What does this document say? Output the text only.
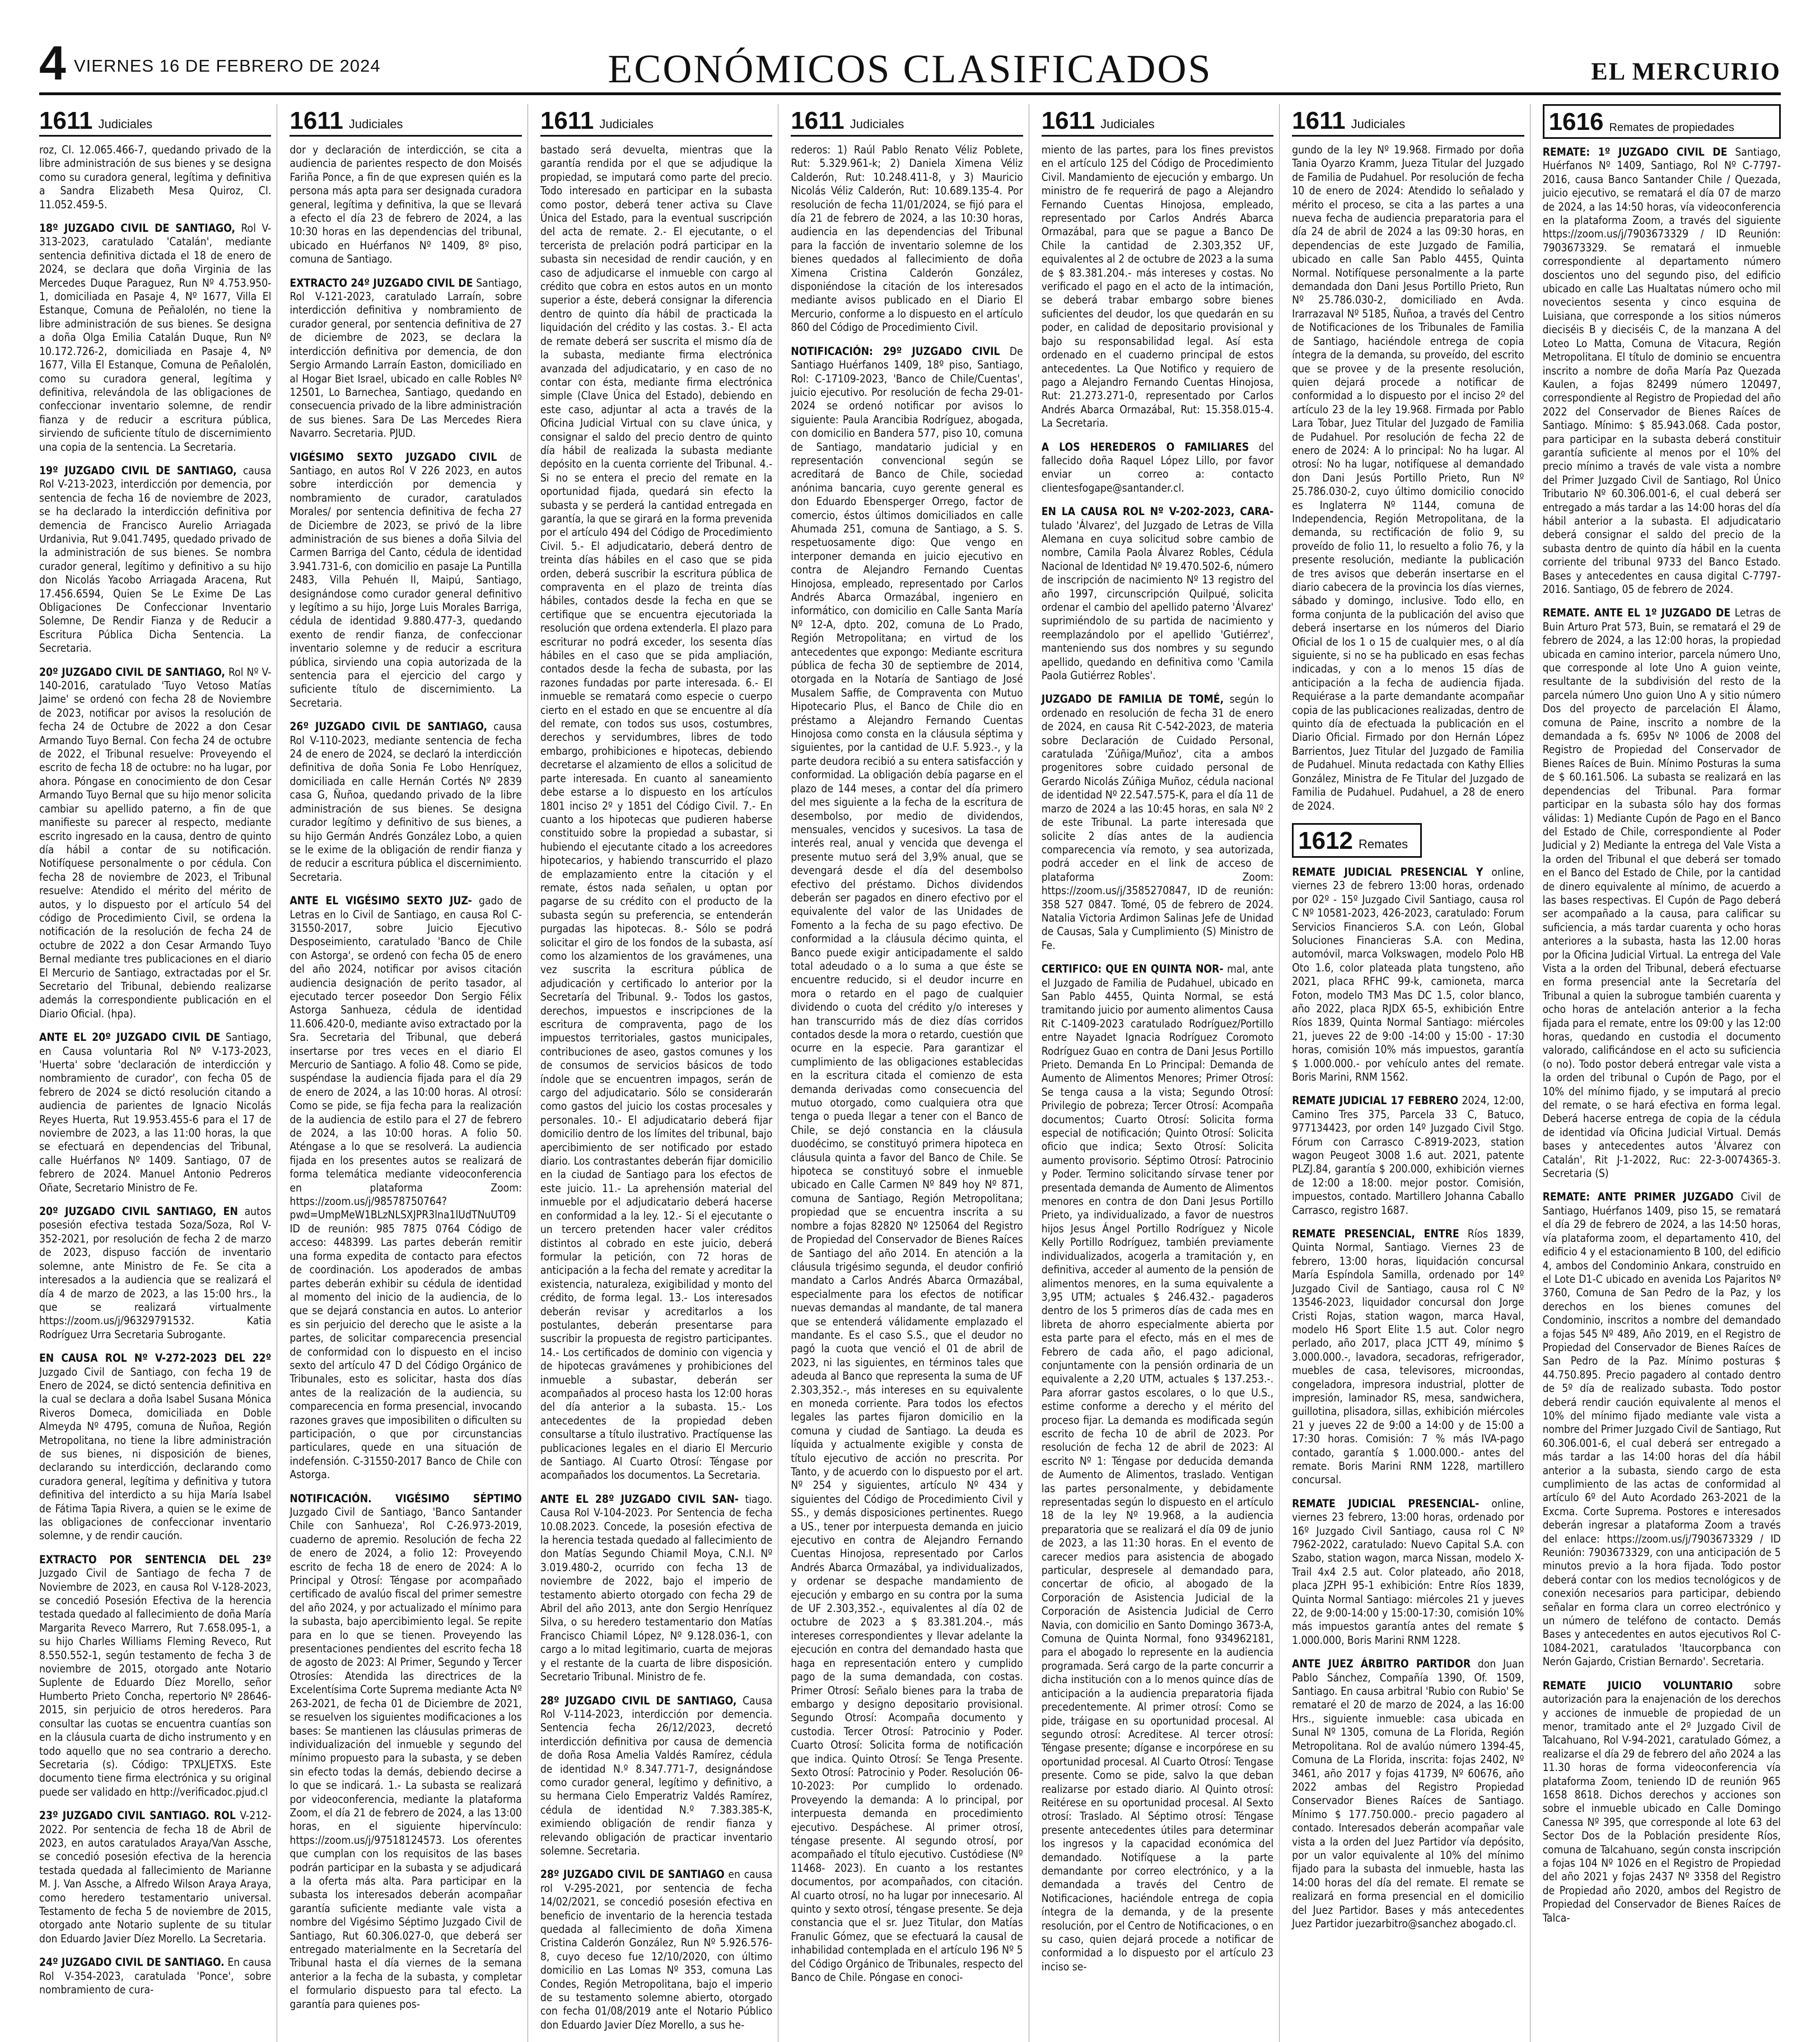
4 VIERNES 16 DE FEBRERO DE 2024	ECONÓMICOS CLASIFICADOS	EL MERCURIO
1611 Judiciales

roz, CI. 12.065.466-7, quedando privado de la libre administración de sus bienes y se designa como su curadora general, legítima y definitiva a Sandra Elizabeth Mesa Quiroz, CI. 11.052.459-5.

18º JUZGADO CIVIL DE SANTIAGO, Rol V-313-2023, caratulado 'Catalán', mediante sentencia definitiva dictada el 18 de enero de 2024, se declara que doña Virginia de las Mercedes Duque Paraguez, Run Nº 4.753.950-1, domiciliada en Pasaje 4, Nº 1677, Villa El Estanque, Comuna de Peñalolén, no tiene la libre administración de sus bienes. Se designa a doña Olga Emilia Catalán Duque, Run Nº 10.172.726-2, domiciliada en Pasaje 4, Nº 1677, Villa El Estanque, Comuna de Peñalolén, como su curadora general, legítima y definitiva, relevándola de las obligaciones de confeccionar inventario solemne, de rendir fianza y de reducir a escritura pública, sirviendo de suficiente título de discernimiento una copia de la sentencia. La Secretaria.

19º JUZGADO CIVIL DE SANTIAGO, causa Rol V-213-2023, interdicción por demencia, por sentencia de fecha 16 de noviembre de 2023, se ha declarado la interdicción definitiva por demencia de Francisco Aurelio Arriagada Urdanivia, Rut 9.041.7495, quedado privado de la administración de sus bienes. Se nombra curador general, legítimo y definitivo a su hijo don Nicolás Yacobo Arriagada Aracena, Rut 17.456.6594, Quien Se Le Exime De Las Obligaciones De Confeccionar Inventario Solemne, De Rendir Fianza y de Reducir a Escritura Pública Dicha Sentencia. La Secretaria.

20º JUZGADO CIVIL DE SANTIAGO, Rol Nº V-140-2016, caratulado 'Tuyo Vetoso Matías Jaime' se ordenó con fecha 28 de Noviembre de 2023, notificar por avisos la resolución de fecha 24 de Octubre de 2022 a don Cesar Armando Tuyo Bernal. Con fecha 24 de octubre de 2022, el Tribunal resuelve: Proveyendo el escrito de fecha 18 de octubre: no ha lugar, por ahora. Póngase en conocimiento de don Cesar Armando Tuyo Bernal que su hijo menor solicita cambiar su apellido paterno, a fin de que manifieste su parecer al respecto, mediante escrito ingresado en la causa, dentro de quinto día hábil a contar de su notificación. Notifíquese personalmente o por cédula. Con fecha 28 de noviembre de 2023, el Tribunal resuelve: Atendido el mérito del mérito de autos, y lo dispuesto por el artículo 54 del código de Procedimiento Civil, se ordena la notificación de la resolución de fecha 24 de octubre de 2022 a don Cesar Armando Tuyo Bernal mediante tres publicaciones en el diario El Mercurio de Santiago, extractadas por el Sr. Secretario del Tribunal, debiendo realizarse además la correspondiente publicación en el Diario Oficial. (hpa).

ANTE EL 20º JUZGADO CIVIL DE Santiago, en Causa voluntaria Rol Nº V-173-2023, 'Huerta' sobre 'declaración de interdicción y nombramiento de curador', con fecha 05 de febrero de 2024 se dictó resolución citando a audiencia de parientes de Ignacio Nicolás Reyes Huerta, Rut 19.953.455-6 para el 17 de noviembre de 2023, a las 11:00 horas, la que se efectuará en dependencias del Tribunal, calle Huérfanos Nº 1409. Santiago, 07 de febrero de 2024. Manuel Antonio Pedreros Oñate, Secretario Ministro de Fe.

20º JUZGADO CIVIL SANTIAGO, EN autos posesión efectiva testada Soza/Soza, Rol V-352-2021, por resolución de fecha 2 de marzo de 2023, dispuso facción de inventario solemne, ante Ministro de Fe. Se cita a interesados a la audiencia que se realizará el día 4 de marzo de 2023, a las 15:00 hrs., la que se realizará virtualmente https://zoom.us/j/96329791532. Katia Rodríguez Urra Secretaria Subrogante.

EN CAUSA ROL Nº V-272-2023 DEL 22º Juzgado Civil de Santiago, con fecha 19 de Enero de 2024, se dictó sentencia definitiva en la cual se declara a doña Isabel Susana Mónica Riveros Domeca, domiciliada en Doble Almeyda Nº 4795, comuna de Ñuñoa, Región Metropolitana, no tiene la libre administración de sus bienes, ni disposición de bienes, declarando su interdicción, declarando como curadora general, legítima y definitiva y tutora definitiva del interdicto a su hija María Isabel de Fátima Tapia Rivera, a quien se le exime de las obligaciones de confeccionar inventario solemne, y de rendir caución.

EXTRACTO POR SENTENCIA DEL 23º Juzgado Civil de Santiago de fecha 7 de Noviembre de 2023, en causa Rol V-128-2023, se concedió Posesión Efectiva de la herencia testada quedado al fallecimiento de doña María Margarita Reveco Marrero, Rut 7.658.095-1, a su hijo Charles Williams Fleming Reveco, Rut 8.550.552-1, según testamento de fecha 3 de noviembre de 2015, otorgado ante Notario Suplente de Eduardo Díez Morello, señor Humberto Prieto Concha, repertorio Nº 28646-2015, sin perjuicio de otros herederos. Para consultar las cuotas se encuentra cuantías son en la cláusula cuarta de dicho instrumento y en todo aquello que no sea contrario a derecho. Secretaria (s). Código: TPXLJETXS. Este documento tiene firma electrónica y su original puede ser validado en http://verificadoc.pjud.cl

23º JUZGADO CIVIL SANTIAGO. ROL V-212-2022. Por sentencia de fecha 18 de Abril de 2023, en autos caratulados Araya/Van Assche, se concedió posesión efectiva de la herencia testada quedada al fallecimiento de Marianne M. J. Van Assche, a Alfredo Wilson Araya Araya, como heredero testamentario universal. Testamento de fecha 5 de noviembre de 2015, otorgado ante Notario suplente de su titular don Eduardo Javier Díez Morello. La Secretaria.

24º JUZGADO CIVIL DE SANTIAGO. En causa Rol V-354-2023, caratulada 'Ponce', sobre nombramiento de cura-

1611 Judiciales

dor y declaración de interdicción, se cita a audiencia de parientes respecto de don Moisés Fariña Ponce, a fin de que expresen quién es la persona más apta para ser designada curadora general, legítima y definitiva, la que se llevará a efecto el día 23 de febrero de 2024, a las 10:30 horas en las dependencias del tribunal, ubicado en Huérfanos Nº 1409, 8º piso, comuna de Santiago.

EXTRACTO 24º JUZGADO CIVIL DE Santiago, Rol V-121-2023, caratulado Larraín, sobre interdicción definitiva y nombramiento de curador general, por sentencia definitiva de 27 de diciembre de 2023, se declara la interdicción definitiva por demencia, de don Sergio Armando Larraín Easton, domiciliado en al Hogar Biet Israel, ubicado en calle Robles Nº 12501, Lo Barnechea, Santiago, quedando en consecuencia privado de la libre administración de sus bienes. Sara De Las Mercedes Riera Navarro. Secretaria. PJUD.

VIGÉSIMO SEXTO JUZGADO CIVIL de Santiago, en autos Rol V 226 2023, en autos sobre interdicción por demencia y nombramiento de curador, caratulados Morales/ por sentencia definitiva de fecha 27 de Diciembre de 2023, se privó de la libre administración de sus bienes a doña Silvia del Carmen Barriga del Canto, cédula de identidad 3.941.731-6, con domicilio en pasaje La Puntilla 2483, Villa Pehuén II, Maipú, Santiago, designándose como curador general definitivo y legítimo a su hijo, Jorge Luis Morales Barriga, cédula de identidad 9.880.477-3, quedando exento de rendir fianza, de confeccionar inventario solemne y de reducir a escritura pública, sirviendo una copia autorizada de la sentencia para el ejercicio del cargo y suficiente título de discernimiento. La Secretaria.

26º JUZGADO CIVIL DE SANTIAGO, causa Rol V-110-2023, mediante sentencia de fecha 24 de enero de 2024, se declaró la interdicción definitiva de doña Sonia Fe Lobo Henríquez, domiciliada en calle Hernán Cortés Nº 2839 casa G, Ñuñoa, quedando privado de la libre administración de sus bienes. Se designa curador legítimo y definitivo de sus bienes, a su hijo Germán Andrés González Lobo, a quien se le exime de la obligación de rendir fianza y de reducir a escritura pública el discernimiento. Secretaria.

ANTE EL VIGÉSIMO SEXTO JUZ- gado de Letras en lo Civil de Santiago, en causa Rol C-31550-2017, sobre Juicio Ejecutivo Desposeimiento, caratulado 'Banco de Chile con Astorga', se ordenó con fecha 05 de enero del año 2024, notificar por avisos citación audiencia designación de perito tasador, al ejecutado tercer poseedor Don Sergio Félix Astorga Sanhueza, cédula de identidad 11.606.420-0, mediante aviso extractado por la Sra. Secretaria del Tribunal, que deberá insertarse por tres veces en el diario El Mercurio de Santiago. A folio 48. Como se pide, suspéndase la audiencia fijada para el día 29 de enero de 2024, a las 10:00 horas. Al otrosí: Como se pide, se fija fecha para la realización de la audiencia de estilo para el 27 de febrero de 2024, a las 10:00 horas. A folio 50. Aténgase a lo que se resolverá. La audiencia fijada en los presentes autos se realizará de forma telemática mediante videoconferencia en plataforma Zoom: https://zoom.us/j/98578750764?pwd=UmpMeW1BLzNLSXJPR3lna1lUdTNuUT09 ID de reunión: 985 7875 0764 Código de acceso: 448399. Las partes deberán remitir una forma expedita de contacto para efectos de coordinación. Los apoderados de ambas partes deberán exhibir su cédula de identidad al momento del inicio de la audiencia, de lo que se dejará constancia en autos. Lo anterior es sin perjuicio del derecho que le asiste a la partes, de solicitar comparecencia presencial de conformidad con lo dispuesto en el inciso sexto del artículo 47 D del Código Orgánico de Tribunales, esto es solicitar, hasta dos días antes de la realización de la audiencia, su comparecencia en forma presencial, invocando razones graves que imposibiliten o dificulten su participación, o que por circunstancias particulares, quede en una situación de indefensión. C-31550-2017 Banco de Chile con Astorga.

NOTIFICACIÓN. VIGÉSIMO SÉPTIMO Juzgado Civil de Santiago, 'Banco Santander Chile con Sanhueza', Rol C-26.973-2019, cuaderno de apremio. Resolución de fecha 22 de enero de 2024, a folio 12: Proveyendo escrito de fecha 18 de enero de 2024: A lo Principal y Otrosí: Téngase por acompañado certificado de avalúo fiscal del primer semestre del año 2024, y por actualizado el mínimo para la subasta, bajo apercibimiento legal. Se repite para en lo que se tienen. Proveyendo las presentaciones pendientes del escrito fecha 18 de agosto de 2023: Al Primer, Segundo y Tercer Otrosíes: Atendida las directrices de la Excelentísima Corte Suprema mediante Acta Nº 263-2021, de fecha 01 de Diciembre de 2021, se resuelven los siguientes modificaciones a los bases: Se mantienen las cláusulas primeras de individualización del inmueble y segundo del mínimo propuesto para la subasta, y se deben sin efecto todas la demás, debiendo decirse a lo que se indicará. 1.- La subasta se realizará por videoconferencia, mediante la plataforma Zoom, el día 21 de febrero de 2024, a las 13:00 horas, en el siguiente hipervínculo: https://zoom.us/j/97518124573. Los oferentes que cumplan con los requisitos de las bases podrán participar en la subasta y se adjudicará a la oferta más alta. Para participar en la subasta los interesados deberán acompañar garantía suficiente mediante vale vista a nombre del Vigésimo Séptimo Juzgado Civil de Santiago, Rut 60.306.027-0, que deberá ser entregado materialmente en la Secretaría del Tribunal hasta el día viernes de la semana anterior a la fecha de la subasta, y completar el formulario dispuesto para tal efecto. La garantía para quienes pos-

1611 Judiciales

bastado será devuelta, mientras que la garantía rendida por el que se adjudique la propiedad, se imputará como parte del precio. Todo interesado en participar en la subasta como postor, deberá tener activa su Clave Única del Estado, para la eventual suscripción del acta de remate. 2.- El ejecutante, o el tercerista de prelación podrá participar en la subasta sin necesidad de rendir caución, y en caso de adjudicarse el inmueble con cargo al crédito que cobra en estos autos en un monto superior a éste, deberá consignar la diferencia dentro de quinto día hábil de practicada la liquidación del crédito y las costas. 3.- El acta de remate deberá ser suscrita el mismo día de la subasta, mediante firma electrónica avanzada del adjudicatario, y en caso de no contar con ésta, mediante firma electrónica simple (Clave Única del Estado), debiendo en este caso, adjuntar al acta a través de la Oficina Judicial Virtual con su clave única, y consignar el saldo del precio dentro de quinto día hábil de realizada la subasta mediante depósito en la cuenta corriente del Tribunal. 4.- Si no se entera el precio del remate en la oportunidad fijada, quedará sin efecto la subasta y se perderá la cantidad entregada en garantía, la que se girará en la forma prevenida por el artículo 494 del Código de Procedimiento Civil. 5.- El adjudicatario, deberá dentro de treinta días hábiles en el caso que se pida orden, deberá suscribir la escritura pública de compraventa en el plazo de treinta días hábiles, contados desde la fecha en que se certifique que se encuentra ejecutoriada la resolución que ordena extenderla. El plazo para escriturar no podrá exceder, los sesenta días hábiles en el caso que se pida ampliación, contados desde la fecha de subasta, por las razones fundadas por parte interesada. 6.- El inmueble se rematará como especie o cuerpo cierto en el estado en que se encuentre al día del remate, con todos sus usos, costumbres, derechos y servidumbres, libres de todo embargo, prohibiciones e hipotecas, debiendo decretarse el alzamiento de ellos a solicitud de parte interesada. En cuanto al saneamiento debe estarse a lo dispuesto en los artículos 1801 inciso 2º y 1851 del Código Civil. 7.- En cuanto a los hipotecas que pudieren haberse constituido sobre la propiedad a subastar, si hubiendo el ejecutante citado a los acreedores hipotecarios, y habiendo transcurrido el plazo de emplazamiento entre la citación y el remate, éstos nada señalen, u optan por pagarse de su crédito con el producto de la subasta según su preferencia, se entenderán purgadas las hipotecas. 8.- Sólo se podrá solicitar el giro de los fondos de la subasta, así como los alzamientos de los gravámenes, una vez suscrita la escritura pública de adjudicación y certificado lo anterior por la Secretaría del Tribunal. 9.- Todos los gastos, derechos, impuestos e inscripciones de la escritura de compraventa, pago de los impuestos territoriales, gastos municipales, contribuciones de aseo, gastos comunes y los de consumos de servicios básicos de todo índole que se encuentren impagos, serán de cargo del adjudicatario. Sólo se considerarán como gastos del juicio los costas procesales y personales. 10.- El adjudicatario deberá fijar domicilio dentro de los límites del tribunal, bajo apercibimiento de ser notificado por estado diario. Los contrastantes deberán fijar domicilio en la ciudad de Santiago para los efectos de este juicio. 11.- La aprehensión material del inmueble por el adjudicatario deberá hacerse en conformidad a la ley. 12.- Si el ejecutante o un tercero pretenden hacer valer créditos distintos al cobrado en este juicio, deberá formular la petición, con 72 horas de anticipación a la fecha del remate y acreditar la existencia, naturaleza, exigibilidad y monto del crédito, de forma legal. 13.- Los interesados deberán revisar y acreditarlos a los postulantes, deberán presentarse para suscribir la propuesta de registro participantes. 14.- Los certificados de dominio con vigencia y de hipotecas gravámenes y prohibiciones del inmueble a subastar, deberán ser acompañados al proceso hasta los 12:00 horas del día anterior a la subasta. 15.- Los antecedentes de la propiedad deben consultarse a título ilustrativo. Practíquense las publicaciones legales en el diario El Mercurio de Santiago. Al Cuarto Otrosí: Téngase por acompañados los documentos. La Secretaria.

ANTE EL 28º JUZGADO CIVIL SAN- tiago. Causa Rol V-104-2023. Por Sentencia de fecha 10.08.2023. Concede, la posesión efectiva de la herencia testada quedado al fallecimiento de don Matías Segundo Chiamil Moya, C.N.I. Nº 3.019.480-2, ocurrido con fecha 13 de noviembre de 2022, bajo el imperio de testamento abierto otorgado con fecha 29 de Abril del año 2013, ante don Sergio Henríquez Silva, o su heredero testamentario don Matías Francisco Chiamil López, Nº 9.128.036-1, con cargo a lo mitad legitimario, cuarta de mejoras y el restante de la cuarta de libre disposición. Secretario Tribunal. Ministro de fe.

28º JUZGADO CIVIL DE SANTIAGO, Causa Rol V-114-2023, interdicción por demencia. Sentencia fecha 26/12/2023, decretó interdicción definitiva por causa de demencia de doña Rosa Amelia Valdés Ramírez, cédula de identidad N.º 8.347.771-7, designándose como curador general, legítimo y definitivo, a su hermana Cielo Emperatriz Valdés Ramírez, cédula de identidad N.º 7.383.385-K, eximiendo obligación de rendir fianza y relevando obligación de practicar inventario solemne. Secretaria.

28º JUZGADO CIVIL DE SANTIAGO en causa rol V-295-2021, por sentencia de fecha 14/02/2021, se concedió posesión efectiva en beneficio de inventario de la herencia testada quedada al fallecimiento de doña Ximena Cristina Calderón González, Run Nº 5.926.576-8, cuyo deceso fue 12/10/2020, con último domicilio en Las Lomas Nº 353, comuna Las Condes, Región Metropolitana, bajo el imperio de su testamento solemne abierto, otorgado con fecha 01/08/2019 ante el Notario Público don Eduardo Javier Díez Morello, a sus he-

1611 Judiciales

rederos: 1) Raúl Pablo Renato Véliz Poblete, Rut: 5.329.961-k; 2) Daniela Ximena Véliz Calderón, Rut: 10.248.411-8, y 3) Mauricio Nicolás Véliz Calderón, Rut: 10.689.135-4. Por resolución de fecha 11/01/2024, se fijó para el día 21 de febrero de 2024, a las 10:30 horas, audiencia en las dependencias del Tribunal para la facción de inventario solemne de los bienes quedados al fallecimiento de doña Ximena Cristina Calderón González, disponiéndose la citación de los interesados mediante avisos publicado en el Diario El Mercurio, conforme a lo dispuesto en el artículo 860 del Código de Procedimiento Civil.

NOTIFICACIÓN: 29º JUZGADO CIVIL De Santiago Huérfanos 1409, 18º piso, Santiago, Rol: C-17109-2023, 'Banco de Chile/Cuentas', juicio ejecutivo. Por resolución de fecha 29-01-2024 se ordenó notificar por avisos lo siguiente: Paula Arancibia Rodríguez, abogada, con domicilio en Bandera 577, piso 10, comuna de Santiago, mandatario judicial y en representación convencional según se acreditará de Banco de Chile, sociedad anónima bancaria, cuyo gerente general es don Eduardo Ebensperger Orrego, factor de comercio, éstos últimos domiciliados en calle Ahumada 251, comuna de Santiago, a S. S. respetuosamente digo: Que vengo en interponer demanda en juicio ejecutivo en contra de Alejandro Fernando Cuentas Hinojosa, empleado, representado por Carlos Andrés Abarca Ormazábal, ingeniero en informático, con domicilio en Calle Santa María Nº 12-A, dpto. 202, comuna de Lo Prado, Región Metropolitana; en virtud de los antecedentes que expongo: Mediante escritura pública de fecha 30 de septiembre de 2014, otorgada en la Notaría de Santiago de José Musalem Saffie, de Compraventa con Mutuo Hipotecario Plus, el Banco de Chile dio en préstamo a Alejandro Fernando Cuentas Hinojosa como consta en la cláusula séptima y siguientes, por la cantidad de U.F. 5.923.-, y la parte deudora recibió a su entera satisfacción y conformidad. La obligación debía pagarse en el plazo de 144 meses, a contar del día primero del mes siguiente a la fecha de la escritura de desembolso, por medio de dividendos, mensuales, vencidos y sucesivos. La tasa de interés real, anual y vencida que devenga el presente mutuo será del 3,9% anual, que se devengará desde el día del desembolso efectivo del préstamo. Dichos dividendos deberán ser pagados en dinero efectivo por el equivalente del valor de las Unidades de Fomento a la fecha de su pago efectivo. De conformidad a la cláusula décimo quinta, el Banco puede exigir anticipadamente el saldo total adeudado o a lo suma a que éste se encuentre reducido, si el deudor incurre en mora o retardo en el pago de cualquier dividendo o cuota del crédito y/o intereses y han transcurrido más de diez días corridos contados desde la mora o retardo, cuestión que ocurre en la especie. Para garantizar el cumplimiento de las obligaciones establecidas en la escritura citada el comienzo de esta demanda derivadas como consecuencia del mutuo otorgado, como cualquiera otra que tenga o pueda llegar a tener con el Banco de Chile, se dejó constancia en la cláusula duodécimo, se constituyó primera hipoteca en cláusula quinta a favor del Banco de Chile. Se hipoteca se constituyó sobre el inmueble ubicado en Calle Carmen Nº 849 hoy Nº 871, comuna de Santiago, Región Metropolitana; propiedad que se encuentra inscrita a su nombre a fojas 82820 Nº 125064 del Registro de Propiedad del Conservador de Bienes Raíces de Santiago del año 2014. En atención a la cláusula trigésimo segunda, el deudor confirió mandato a Carlos Andrés Abarca Ormazábal, especialmente para los efectos de notificar nuevas demandas al mandante, de tal manera que se entenderá válidamente emplazado el mandante. Es el caso S.S., que el deudor no pagó la cuota que venció el 01 de abril de 2023, ni las siguientes, en términos tales que adeuda al Banco que representa la suma de UF 2.303,352.-, más intereses en su equivalente en moneda corriente. Para todos los efectos legales las partes fijaron domicilio en la comuna y ciudad de Santiago. La deuda es líquida y actualmente exigible y consta de título ejecutivo de acción no prescrita. Por Tanto, y de acuerdo con lo dispuesto por el art. Nº 254 y siguientes, artículo Nº 434 y siguientes del Código de Procedimiento Civil y SS., y demás disposiciones pertinentes. Ruego a US., tener por interpuesta demanda en juicio ejecutivo en contra de Alejandro Fernando Cuentas Hinojosa, representado por Carlos Andrés Abarca Ormazábal, ya individualizados, y ordenar se despache mandamiento de ejecución y embargo en su contra por la suma de UF 2.303,352.-, equivalentes al día 02 de octubre de 2023 a $ 83.381.204.-, más intereses correspondientes y llevar adelante la ejecución en contra del demandado hasta que haga en representación entero y cumplido pago de la suma demandada, con costas. Primer Otrosí: Señalo bienes para la traba de embargo y designo depositario provisional. Segundo Otrosí: Acompaña documento y custodia. Tercer Otrosí: Patrocinio y Poder. Cuarto Otrosí: Solicita forma de notificación que indica. Quinto Otrosí: Se Tenga Presente. Sexto Otrosí: Patrocinio y Poder. Resolución 06-10-2023: Por cumplido lo ordenado. Proveyendo la demanda: A lo principal, por interpuesta demanda en procedimiento ejecutivo. Despáchese. Al primer otrosí, téngase presente. Al segundo otrosí, por acompañado el título ejecutivo. Custódiese (Nº 11468- 2023). En cuanto a los restantes documentos, por acompañados, con citación. Al cuarto otrosí, no ha lugar por innecesario. Al quinto y sexto otrosí, téngase presente. Se deja constancia que el sr. Juez Titular, don Matías Franulic Gómez, que se efectuará la causal de inhabilidad contemplada en el artículo 196 Nº 5 del Código Orgánico de Tribunales, respecto del Banco de Chile. Póngase en conoci-

1611 Judiciales

miento de las partes, para los fines previstos en el artículo 125 del Código de Procedimiento Civil. Mandamiento de ejecución y embargo. Un ministro de fe requerirá de pago a Alejandro Fernando Cuentas Hinojosa, empleado, representado por Carlos Andrés Abarca Ormazábal, para que se pague a Banco De Chile la cantidad de 2.303,352 UF, equivalentes al 2 de octubre de 2023 a la suma de $ 83.381.204.- más intereses y costas. No verificado el pago en el acto de la intimación, se deberá trabar embargo sobre bienes suficientes del deudor, los que quedarán en su poder, en calidad de depositario provisional y bajo su responsabilidad legal. Así esta ordenado en el cuaderno principal de estos antecedentes. La Que Notifico y requiero de pago a Alejandro Fernando Cuentas Hinojosa, Rut: 21.273.271-0, representado por Carlos Andrés Abarca Ormazábal, Rut: 15.358.015-4. La Secretaria.

A LOS HEREDEROS O FAMILIARES del fallecido doña Raquel López Lillo, por favor enviar un correo a: contacto clientesfogape@santander.cl.

EN LA CAUSA ROL Nº V-202-2023, CARA- tulado 'Álvarez', del Juzgado de Letras de Villa Alemana en cuya solicitud sobre cambio de nombre, Camila Paola Álvarez Robles, Cédula Nacional de Identidad Nº 19.470.502-6, número de inscripción de nacimiento Nº 13 registro del año 1997, circunscripción Quilpué, solicita ordenar el cambio del apellido paterno 'Álvarez' suprimiéndolo de su partida de nacimiento y reemplazándolo por el apellido 'Gutiérrez', manteniendo sus dos nombres y su segundo apellido, quedando en definitiva como 'Camila Paola Gutiérrez Robles'.

JUZGADO DE FAMILIA DE TOMÉ, según lo ordenado en resolución de fecha 31 de enero de 2024, en causa Rit C-542-2023, de materia sobre Declaración de Cuidado Personal, caratulada 'Zúñiga/Muñoz', cita a ambos progenitores sobre cuidado personal de Gerardo Nicolás Zúñiga Muñoz, cédula nacional de identidad Nº 22.547.575-K, para el día 11 de marzo de 2024 a las 10:45 horas, en sala Nº 2 de este Tribunal. La parte interesada que solicite 2 días antes de la audiencia comparecencia vía remoto, y sea autorizada, podrá acceder en el link de acceso de plataforma Zoom: https://zoom.us/j/3585270847, ID de reunión: 358 527 0847. Tomé, 05 de febrero de 2024. Natalia Victoria Ardimon Salinas Jefe de Unidad de Causas, Sala y Cumplimiento (S) Ministro de Fe.

CERTIFICO: QUE EN QUINTA NOR- mal, ante el Juzgado de Familia de Pudahuel, ubicado en San Pablo 4455, Quinta Normal, se está tramitando juicio por aumento alimentos Causa Rit C-1409-2023 caratulado Rodríguez/Portillo entre Nayadet Ignacia Rodríguez Coromoto Rodríguez Guao en contra de Dani Jesus Portillo Prieto. Demanda En Lo Principal: Demanda de Aumento de Alimentos Menores; Primer Otrosí: Se tenga causa a la vista; Segundo Otrosí: Privilegio de pobreza; Tercer Otrosí: Acompaña documentos; Cuarto Otrosí: Solicita forma especial de notificación; Quinto Otrosí: Solicita oficio que indica; Sexto Otrosí: Solicita aumento provisorio. Séptimo Otrosí: Patrocinio y Poder. Termino solicitando sírvase tener por presentada demanda de Aumento de Alimentos menores en contra de don Dani Jesus Portillo Prieto, ya individualizado, a favor de nuestros hijos Jesus Ángel Portillo Rodríguez y Nicole Kelly Portillo Rodríguez, también previamente individualizados, acogerla a tramitación y, en definitiva, acceder al aumento de la pensión de alimentos menores, en la suma equivalente a 3,95 UTM; actuales $ 246.432.- pagaderos dentro de los 5 primeros días de cada mes en libreta de ahorro especialmente abierta por esta parte para el efecto, más en el mes de Febrero de cada año, el pago adicional, conjuntamente con la pensión ordinaria de un equivalente a 2,20 UTM, actuales $ 137.253.-. Para aforrar gastos escolares, o lo que U.S., estime conforme a derecho y el mérito del proceso fijar. La demanda es modificada según escrito de fecha 10 de abril de 2023. Por resolución de fecha 12 de abril de 2023: Al escrito Nº 1: Téngase por deducida demanda de Aumento de Alimentos, traslado. Ventigan las partes personalmente, y debidamente representadas según lo dispuesto en el artículo 18 de la ley Nº 19.968, a la audiencia preparatoria que se realizará el día 09 de junio de 2023, a las 11:30 horas. En el evento de carecer medios para asistencia de abogado particular, despresele al demandado para, concertar de oficio, al abogado de la Corporación de Asistencia Judicial de la Corporación de Asistencia Judicial de Cerro Navia, con domicilio en Santo Domingo 3673-A, Comuna de Quinta Normal, fono 934962181, para el abogado lo represente en la audiencia programada. Será cargo de la parte concurrir a dicha institución con a lo menos quince días de anticipación a la audiencia preparatoria fijada precedentemente. Al primer otrosí: Como se pide, tráigase en su oportunidad procesal. Al segundo otrosí: Acreditese. Al tercer otrosí: Téngase presente; díganse e incorpórese en su oportunidad procesal. Al Cuarto Otrosí: Tengase presente. Como se pide, salvo la que deban realizarse por estado diario. Al Quinto otrosí: Reitérese en su oportunidad procesal. Al Sexto otrosí: Traslado. Al Séptimo otrosí: Téngase presente antecedentes útiles para determinar los ingresos y la capacidad económica del demandado. Notifíquese a la parte demandante por correo electrónico, y a la demandada a través del Centro de Notificaciones, haciéndole entrega de copia íntegra de la demanda, y de la presente resolución, por el Centro de Notificaciones, o en su caso, quien dejará procede a notificar de conformidad a lo dispuesto por el artículo 23 inciso se-

1611 Judiciales

gundo de la ley Nº 19.968. Firmado por doña Tania Oyarzo Kramm, Jueza Titular del Juzgado de Familia de Pudahuel. Por resolución de fecha 10 de enero de 2024: Atendido lo señalado y mérito el proceso, se cita a las partes a una nueva fecha de audiencia preparatoria para el día 24 de abril de 2024 a las 09:30 horas, en dependencias de este Juzgado de Familia, ubicado en calle San Pablo 4455, Quinta Normal. Notifíquese personalmente a la parte demandada don Dani Jesus Portillo Prieto, Run Nº 25.786.030-2, domiciliado en Avda. Irarrazaval Nº 5185, Ñuñoa, a través del Centro de Notificaciones de los Tribunales de Familia de Santiago, haciéndole entrega de copia íntegra de la demanda, su proveído, del escrito que se provee y de la presente resolución, quien dejará procede a notificar de conformidad a lo dispuesto por el inciso 2º del artículo 23 de la ley 19.968. Firmada por Pablo Lara Tobar, Juez Titular del Juzgado de Familia de Pudahuel. Por resolución de fecha 22 de enero de 2024: A lo principal: No ha lugar. Al otrosí: No ha lugar, notifíquese al demandado don Dani Jesús Portillo Prieto, Run Nº 25.786.030-2, cuyo último domicilio conocido es Inglaterra Nº 1144, comuna de Independencia, Región Metropolitana, de la demanda, su rectificación de folio 9, su proveído de folio 11, lo resuelto a folio 76, y la presente resolución, mediante la publicación de tres avisos que deberán insertarse en el diario cabecera de la provincia los días viernes, sábado y domingo, inclusive. Todo ello, en forma conjunta de la publicación del aviso que deberá insertarse en los números del Diario Oficial de los 1 o 15 de cualquier mes, o al día siguiente, si no se ha publicado en esas fechas indicadas, y con a lo menos 15 días de anticipación a la fecha de audiencia fijada. Requiérase a la parte demandante acompañar copia de las publicaciones realizadas, dentro de quinto día de efectuada la publicación en el Diario Oficial. Firmado por don Hernán López Barrientos, Juez Titular del Juzgado de Familia de Pudahuel. Minuta redactada con Kathy Ellies González, Ministra de Fe Titular del Juzgado de Familia de Pudahuel. Pudahuel, a 28 de enero de 2024.

1612 Remates

REMATE JUDICIAL PRESENCIAL Y online, viernes 23 de febrero 13:00 horas, ordenado por 02º - 15º Juzgado Civil Santiago, causa rol C Nº 10581-2023, 426-2023, caratulado: Forum Servicios Financieros S.A. con León, Global Soluciones Financieras S.A. con Medina, automóvil, marca Volkswagen, modelo Polo HB Oto 1.6, color plateada plata tungsteno, año 2021, placa RFHC 99-k, camioneta, marca Foton, modelo TM3 Mas DC 1.5, color blanco, año 2022, placa RJDX 65-5, exhibición Entre Ríos 1839, Quinta Normal Santiago: miércoles 21, jueves 22 de 9:00 -14:00 y 15:00 - 17:30 horas, comisión 10% más impuestos, garantía $ 1.000.000.- por vehículo antes del remate. Boris Marini, RNM 1562.

REMATE JUDICIAL 17 FEBRERO 2024, 12:00, Camino Tres 375, Parcela 33 C, Batuco, 977134423, por orden 14º Juzgado Civil Stgo. Fórum con Carrasco C-8919-2023, station wagon Peugeot 3008 1.6 aut. 2021, patente PLZJ.84, garantía $ 200.000, exhibición viernes de 12:00 a 18:00. mejor postor. Comisión, impuestos, contado. Martillero Johanna Caballo Carrasco, registro 1687.

REMATE PRESENCIAL, ENTRE Ríos 1839, Quinta Normal, Santiago. Viernes 23 de febrero, 13:00 horas, liquidación concursal María Espíndola Samilla, ordenado por 14º Juzgado Civil de Santiago, causa rol C Nº 13546-2023, liquidador concursal don Jorge Cristi Rojas, station wagon, marca Haval, modelo H6 Sport Elite 1.5 aut. Color negro perlado, año 2017, placa JCTT 49, mínimo $ 3.000.000.-, lavadora, secadoras, refrigerador, muebles de casa, televisores, microondas, congeladora, impresora industrial, plotter de impresión, laminador RS, mesa, sandwichera, guillotina, plisadora, sillas, exhibición miércoles 21 y jueves 22 de 9:00 a 14:00 y de 15:00 a 17:30 horas. Comisión: 7 % más IVA-pago contado, garantía $ 1.000.000.- antes del remate. Boris Marini RNM 1228, martillero concursal.

REMATE JUDICIAL PRESENCIAL- online, viernes 23 febrero, 13:00 horas, ordenado por 16º Juzgado Civil Santiago, causa rol C Nº 7962-2022, caratulado: Nuevo Capital S.A. con Szabo, station wagon, marca Nissan, modelo X-Trail 4x4 2.5 aut. Color plateado, año 2018, placa JZPH 95-1 exhibición: Entre Ríos 1839, Quinta Normal Santiago: miércoles 21 y jueves 22, de 9:00-14:00 y 15:00-17:30, comisión 10% más impuestos garantía antes del remate $ 1.000.000, Boris Marini RNM 1228.

ANTE JUEZ ÁRBITRO PARTIDOR don Juan Pablo Sánchez, Compañía 1390, Of. 1509, Santiago. En causa arbitral 'Rubio con Rubio' Se remataré el 20 de marzo de 2024, a las 16:00 Hrs., siguiente inmueble: casa ubicada en Sunal Nº 1305, comuna de La Florida, Región Metropolitana. Rol de avalúo número 1394-45, Comuna de La Florida, inscrita: fojas 2402, Nº 3461, año 2017 y fojas 41739, Nº 60676, año 2022 ambas del Registro Propiedad Conservador Bienes Raíces de Santiago. Mínimo $ 177.750.000.- precio pagadero al contado. Interesados deberán acompañar vale vista a la orden del Juez Partidor vía depósito, por un valor equivalente al 10% del mínimo fijado para la subasta del inmueble, hasta las 14:00 horas del día del remate. El remate se realizará en forma presencial en el domicilio del Juez Partidor. Bases y más antecedentes Juez Partidor juezarbitro@sanchez abogado.cl.

1616 Remates de propiedades

REMATE: 1º JUZGADO CIVIL DE Santiago, Huérfanos Nº 1409, Santiago, Rol Nº C-7797-2016, causa Banco Santander Chile / Quezada, juicio ejecutivo, se rematará el día 07 de marzo de 2024, a las 14:50 horas, vía videoconferencia en la plataforma Zoom, a través del siguiente https://zoom.us/j/7903673329 / ID Reunión: 7903673329. Se rematará el inmueble correspondiente al departamento número doscientos uno del segundo piso, del edificio ubicado en calle Las Hualtatas número ocho mil novecientos sesenta y cinco esquina de Luisiana, que corresponde a los sitios números dieciséis B y dieciséis C, de la manzana A del Loteo Lo Matta, Comuna de Vitacura, Región Metropolitana. El título de dominio se encuentra inscrito a nombre de doña María Paz Quezada Kaulen, a fojas 82499 número 120497, correspondiente al Registro de Propiedad del año 2022 del Conservador de Bienes Raíces de Santiago. Mínimo: $ 85.943.068. Cada postor, para participar en la subasta deberá constituir garantía suficiente al menos por el 10% del precio mínimo a través de vale vista a nombre del Primer Juzgado Civil de Santiago, Rol Único Tributario Nº 60.306.001-6, el cual deberá ser entregado a más tardar a las 14:00 horas del día hábil anterior a la subasta. El adjudicatario deberá consignar el saldo del precio de la subasta dentro de quinto día hábil en la cuenta corriente del tribunal 9733 del Banco Estado. Bases y antecedentes en causa digital C-7797-2016. Santiago, 05 de febrero de 2024.

REMATE. ANTE EL 1º JUZGADO DE Letras de Buin Arturo Prat 573, Buin, se rematará el 29 de febrero de 2024, a las 12:00 horas, la propiedad ubicada en camino interior, parcela número Uno, que corresponde al lote Uno A guion veinte, resultante de la subdivisión del resto de la parcela número Uno guion Uno A y sitio número Dos del proyecto de parcelación El Álamo, comuna de Paine, inscrito a nombre de la demandada a fs. 695v Nº 1006 de 2008 del Registro de Propiedad del Conservador de Bienes Raíces de Buin. Mínimo Posturas la suma de $ 60.161.506. La subasta se realizará en las dependencias del Tribunal. Para formar participar en la subasta sólo hay dos formas válidas: 1) Mediante Cupón de Pago en el Banco del Estado de Chile, correspondiente al Poder Judicial y 2) Mediante la entrega del Vale Vista a la orden del Tribunal el que deberá ser tomado en el Banco del Estado de Chile, por la cantidad de dinero equivalente al mínimo, de acuerdo a las bases respectivas. El Cupón de Pago deberá ser acompañado a la causa, para calificar su suficiencia, a más tardar cuarenta y ocho horas anteriores a la subasta, hasta las 12.00 horas por la Oficina Judicial Virtual. La entrega del Vale Vista a la orden del Tribunal, deberá efectuarse en forma presencial ante la Secretaría del Tribunal a quien la subrogue también cuarenta y ocho horas de antelación anterior a la fecha fijada para el remate, entre los 09:00 y las 12:00 horas, quedando en custodia el documento valorado, calificándose en el acto su suficiencia (o no). Todo postor deberá entregar vale vista a la orden del tribunal o Cupón de Pago, por el 10% del mínimo fijado, y se imputará al precio del remate, o se hará efectiva en forma legal. Deberá hacerse entrega de copia de la cédula de identidad vía Oficina Judicial Virtual. Demás bases y antecedentes autos 'Álvarez con Catalán', Rit J-1-2022, Ruc: 22-3-0074365-3. Secretaria (S)

REMATE: ANTE PRIMER JUZGADO Civil de Santiago, Huérfanos 1409, piso 15, se rematará el día 29 de febrero de 2024, a las 14:50 horas, vía plataforma zoom, el departamento 410, del edificio 4 y el estacionamiento B 100, del edificio 4, ambos del Condominio Ankara, construido en el Lote D1-C ubicado en avenida Los Pajaritos Nº 3760, Comuna de San Pedro de la Paz, y los derechos en los bienes comunes del Condominio, inscritos a nombre del demandado a fojas 545 Nº 489, Año 2019, en el Registro de Propiedad del Conservador de Bienes Raíces de San Pedro de la Paz. Mínimo posturas $ 44.750.895. Precio pagadero al contado dentro de 5º día de realizado subasta. Todo postor deberá rendir caución equivalente al menos el 10% del mínimo fijado mediante vale vista a nombre del Primer Juzgado Civil de Santiago, Rut 60.306.001-6, el cual deberá ser entregado a más tardar a las 14:00 horas del día hábil anterior a la subasta, siendo cargo de esta cumplimiento de las actas de conformidad al artículo 6º del Auto Acordado 263-2021 de la Excma. Corte Suprema. Postores e interesados deberán ingresar a plataforma Zoom a través del enlace: https://zoom.us/j/7903673329 / ID Reunión: 7903673329, con una anticipación de 5 minutos previo a la hora fijada. Todo postor deberá contar con los medios tecnológicos y de conexión necesarios para participar, debiendo señalar en forma clara un correo electrónico y un número de teléfono de contacto. Demás Bases y antecedentes en autos ejecutivos Rol C-1084-2021, caratulados 'Itaucorpbanca con Nerón Gajardo, Cristian Bernardo'. Secretaria.

REMATE JUICIO VOLUNTARIO sobre autorización para la enajenación de los derechos y acciones de inmueble de propiedad de un menor, tramitado ante el 2º Juzgado Civil de Talcahuano, Rol V-94-2021, caratulado Gómez, a realizarse el día 29 de febrero del año 2024 a las 11.30 horas de forma videoconferencia vía plataforma Zoom, teniendo ID de reunión 965 1658 8618. Dichos derechos y acciones son sobre el inmueble ubicado en Calle Domingo Canessa Nº 395, que corresponde al lote 63 del Sector Dos de la Población presidente Ríos, comuna de Talcahuano, según consta inscripción a fojas 104 Nº 1026 en el Registro de Propiedad del año 2021 y fojas 2437 Nº 3358 del Registro de Propiedad año 2020, ambos del Registro de Propiedad del Conservador de Bienes Raíces de Talca-
